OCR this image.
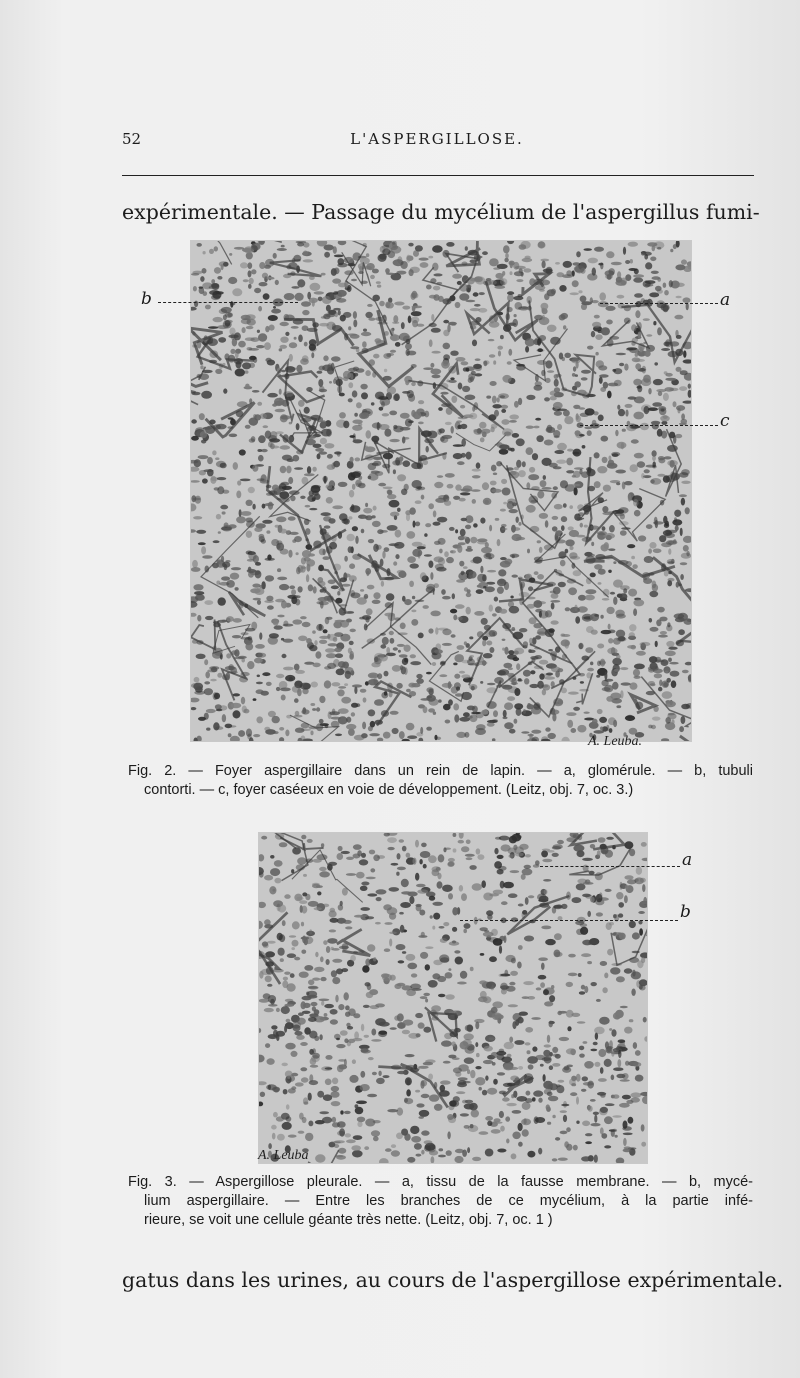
52	L'ASPERGILLOSE.
expérimentale. — Passage du mycélium de l'aspergillus fumi-
b	a
c
A. Leuba.
Fig. 2. — Foyer aspergillaire dans un rein de lapin. — a, glomérule. — b, tubuli
contorti. — c, foyer caséeux en voie de développement. (Leitz, obj. 7, oc. 3.)
a
b
A. Leuba
Fig. 3. — Aspergillose pleurale. — a, tissu de la fausse membrane. — b, mycé-
lium aspergillaire. — Entre les branches de ce mycélium, à la partie infé-
rieure, se voit une cellule géante très nette. (Leitz, obj. 7, oc. 1 )
gatus dans les urines, au cours de l'aspergillose expérimentale.
